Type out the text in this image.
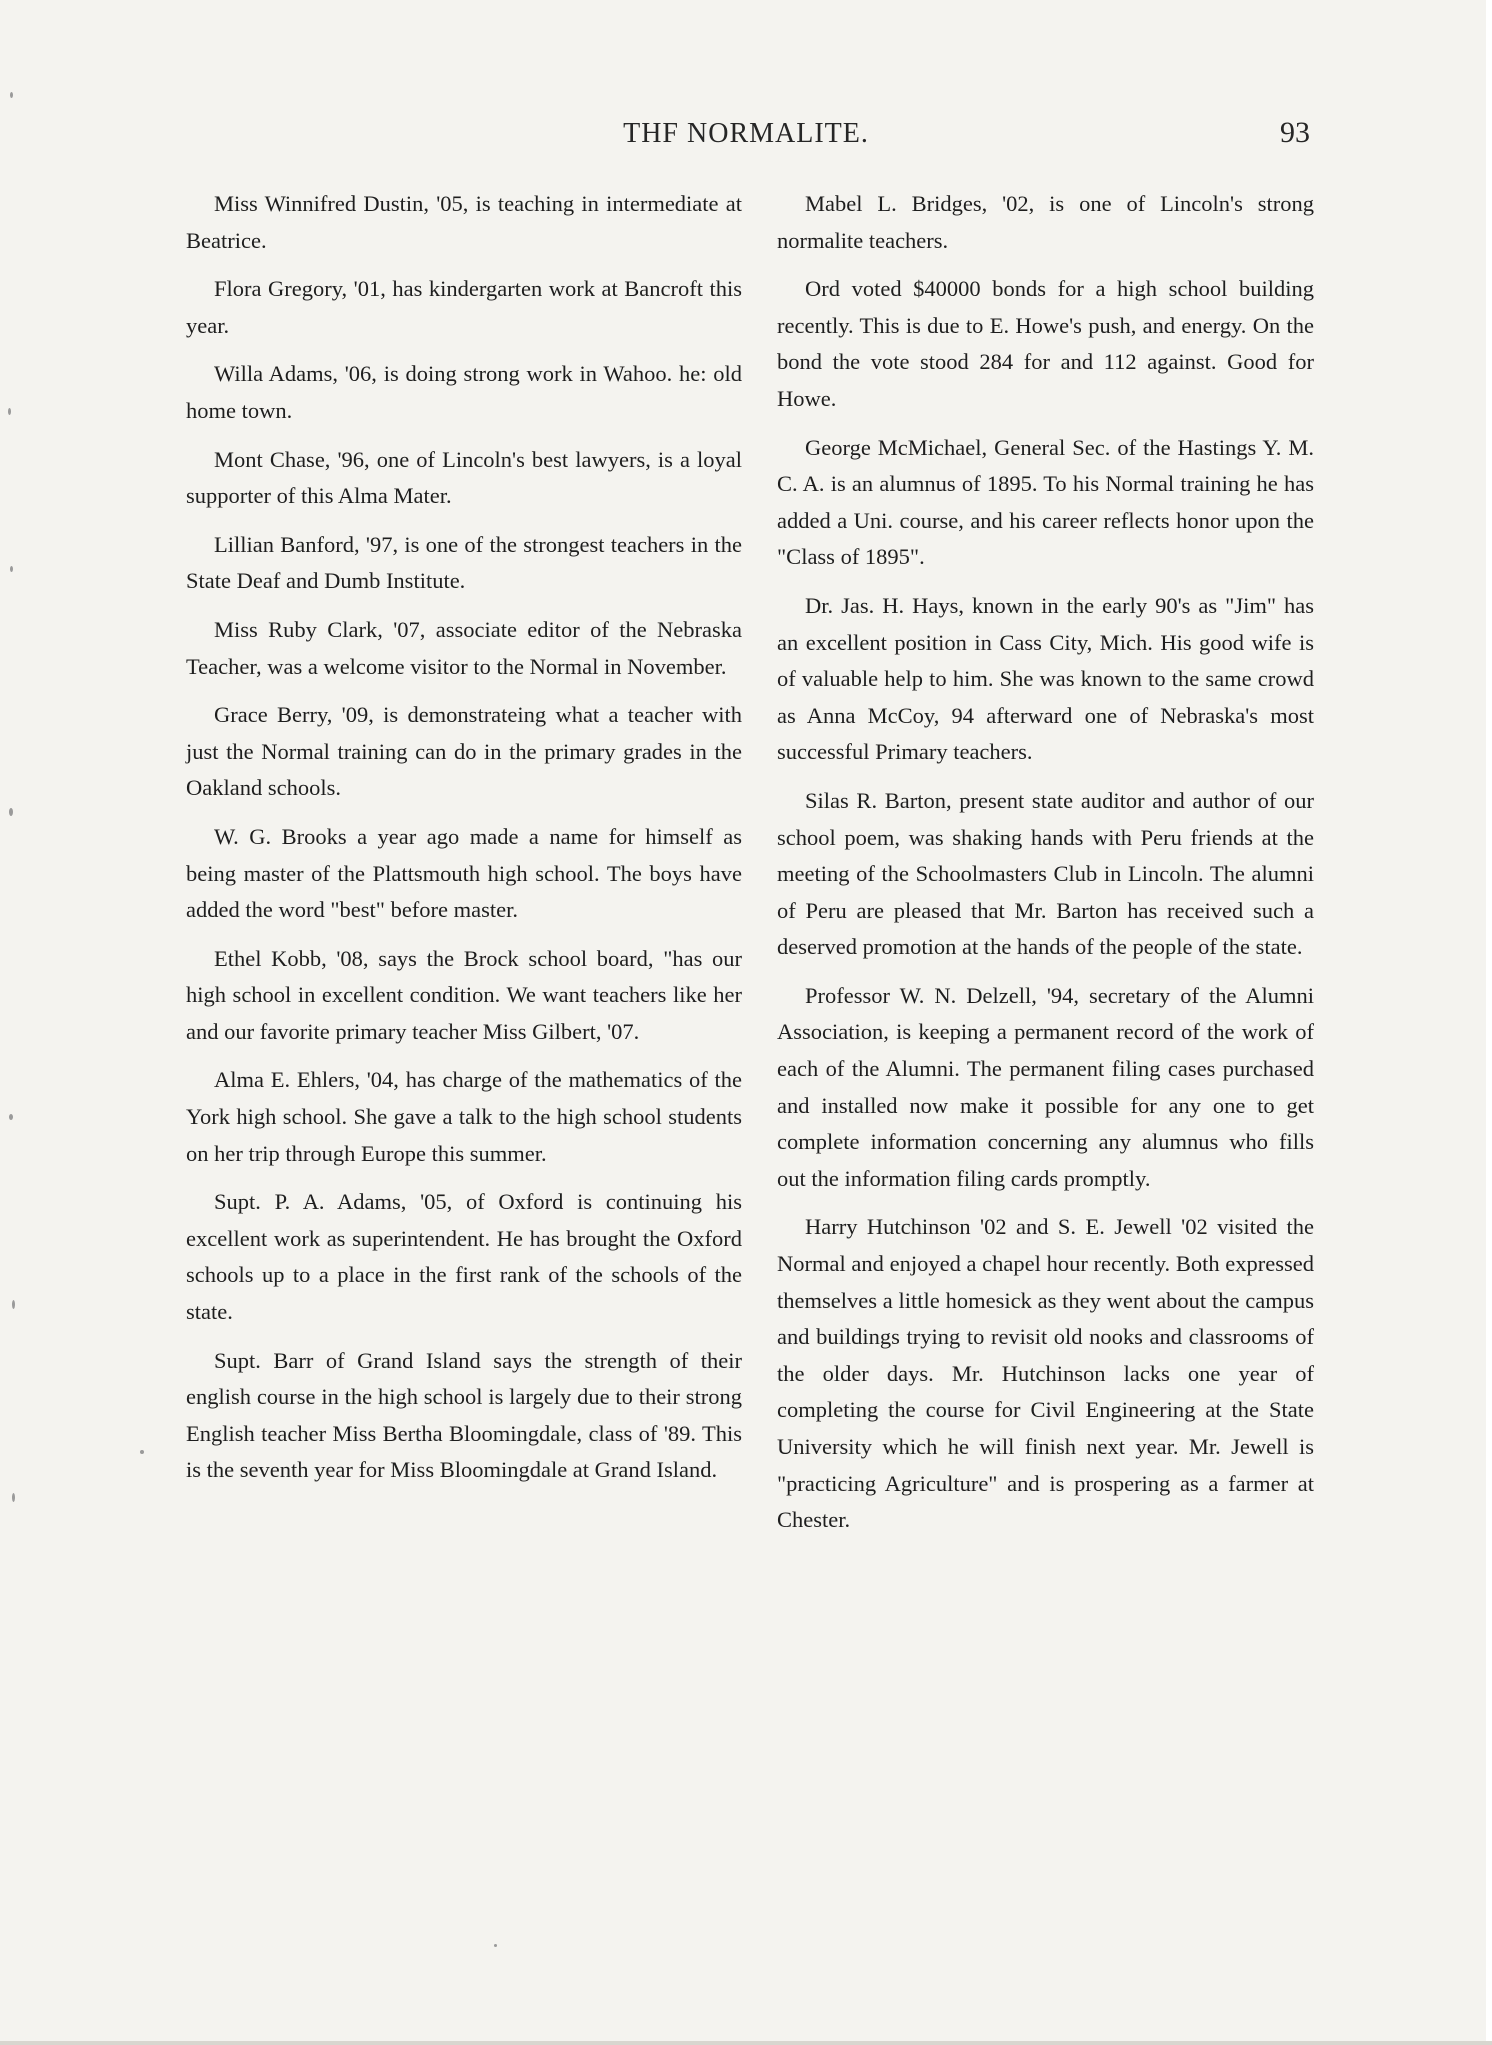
THF NORMALITE.	93

Miss Winnifred Dustin, '05, is teaching in intermediate at Beatrice.

Flora Gregory, '01, has kindergarten work at Bancroft this year.

Willa Adams, '06, is doing strong work in Wahoo. he: old home town.

Mont Chase, '96, one of Lincoln's best lawyers, is a loyal supporter of this Alma Mater.

Lillian Banford, '97, is one of the strongest teachers in the State Deaf and Dumb Institute.

Miss Ruby Clark, '07, associate editor of the Nebraska Teacher, was a welcome visitor to the Normal in November.

Grace Berry, '09, is demonstrateing what a teacher with just the Normal training can do in the primary grades in the Oakland schools.

W. G. Brooks a year ago made a name for himself as being master of the Plattsmouth high school. The boys have added the word "best" before master.

Ethel Kobb, '08, says the Brock school board, "has our high school in excellent condition. We want teachers like her and our favorite primary teacher Miss Gilbert, '07.

Alma E. Ehlers, '04, has charge of the mathematics of the York high school. She gave a talk to the high school students on her trip through Europe this summer.

Supt. P. A. Adams, '05, of Oxford is continuing his excellent work as superintendent. He has brought the Oxford schools up to a place in the first rank of the schools of the state.

Supt. Barr of Grand Island says the strength of their english course in the high school is largely due to their strong English teacher Miss Bertha Bloomingdale, class of '89. This is the seventh year for Miss Bloomingdale at Grand Island.

Mabel L. Bridges, '02, is one of Lincoln's strong normalite teachers.

Ord voted $40000 bonds for a high school building recently. This is due to E. Howe's push, and energy. On the bond the vote stood 284 for and 112 against. Good for Howe.

George McMichael, General Sec. of the Hastings Y. M. C. A. is an alumnus of 1895. To his Normal training he has added a Uni. course, and his career reflects honor upon the "Class of 1895".

Dr. Jas. H. Hays, known in the early 90's as "Jim" has an excellent position in Cass City, Mich. His good wife is of valuable help to him. She was known to the same crowd as Anna McCoy, 94 afterward one of Nebraska's most successful Primary teachers.

Silas R. Barton, present state auditor and author of our school poem, was shaking hands with Peru friends at the meeting of the Schoolmasters Club in Lincoln. The alumni of Peru are pleased that Mr. Barton has received such a deserved promotion at the hands of the people of the state.

Professor W. N. Delzell, '94, secretary of the Alumni Association, is keeping a permanent record of the work of each of the Alumni. The permanent filing cases purchased and installed now make it possible for any one to get complete information concerning any alumnus who fills out the information filing cards promptly.

Harry Hutchinson '02 and S. E. Jewell '02 visited the Normal and enjoyed a chapel hour recently. Both expressed themselves a little homesick as they went about the campus and buildings trying to revisit old nooks and classrooms of the older days. Mr. Hutchinson lacks one year of completing the course for Civil Engineering at the State University which he will finish next year. Mr. Jewell is "practicing Agriculture" and is prospering as a farmer at Chester.
